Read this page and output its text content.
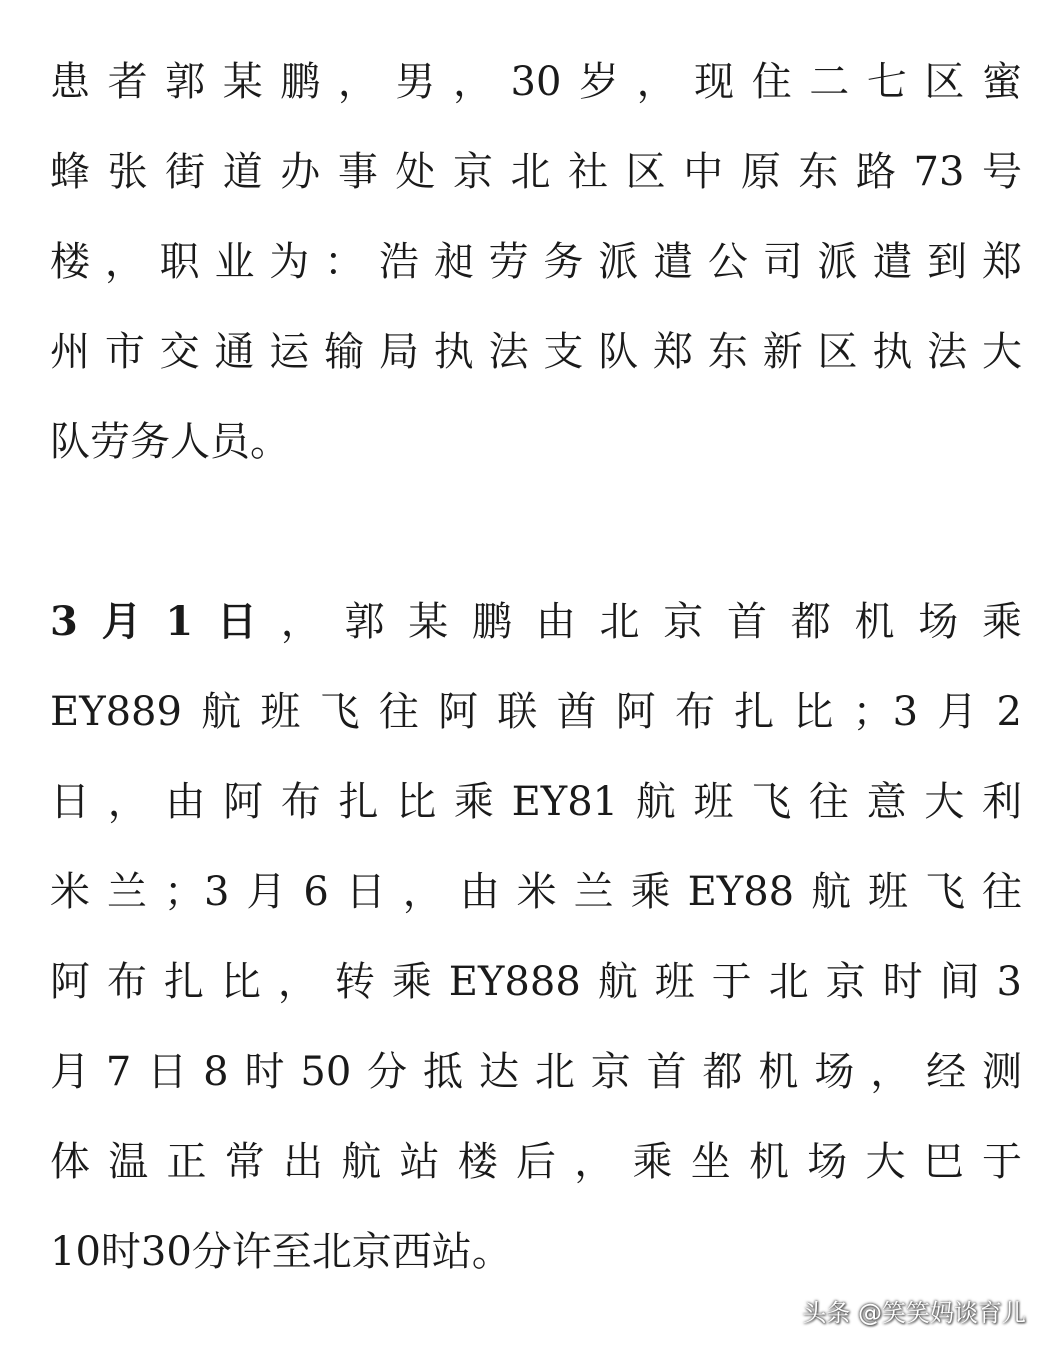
患者郭某鹏，男，30岁，现住二七区蜜

蜂张街道办事处京北社区中原东路73号

楼，职业为：浩昶劳务派遣公司派遣到郑

州市交通运输局执法支队郑东新区执法大

队劳务人员。

3月1日，郭某鹏由北京首都机场乘

EY889航班飞往阿联酋阿布扎比；3月2

日，由阿布扎比乘EY81航班飞往意大利

米兰；3月6日，由米兰乘EY88航班飞往

阿布扎比，转乘EY888航班于北京时间3

月7日8时50分抵达北京首都机场，经测

体温正常出航站楼后，乘坐机场大巴于

10时30分许至北京西站。

头条 @笑笑妈谈育儿
